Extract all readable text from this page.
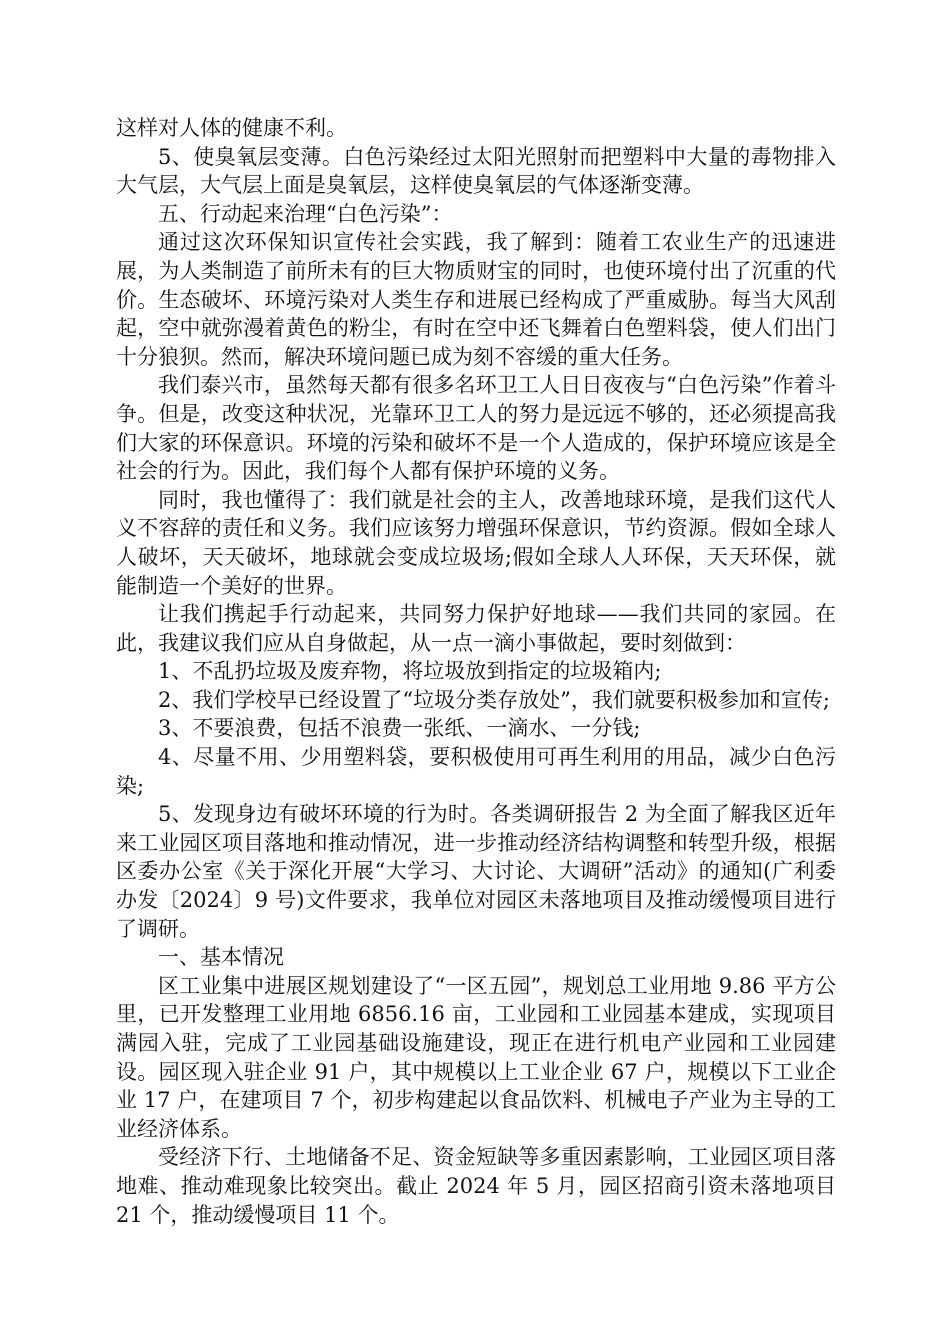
这样对人体的健康不利。

5、使臭氧层变薄。白色污染经过太阳光照射而把塑料中大量的毒物排入大气层，大气层上面是臭氧层，这样使臭氧层的气体逐渐变薄。

五、行动起来治理“白色污染”：

通过这次环保知识宣传社会实践，我了解到：随着工农业生产的迅速进展，为人类制造了前所未有的巨大物质财宝的同时，也使环境付出了沉重的代价。生态破坏、环境污染对人类生存和进展已经构成了严重威胁。每当大风刮起，空中就弥漫着黄色的粉尘，有时在空中还飞舞着白色塑料袋，使人们出门十分狼狈。然而，解决环境问题已成为刻不容缓的重大任务。

我们泰兴市，虽然每天都有很多名环卫工人日日夜夜与“白色污染”作着斗争。但是，改变这种状况，光靠环卫工人的努力是远远不够的，还必须提高我们大家的环保意识。环境的污染和破坏不是一个人造成的，保护环境应该是全社会的行为。因此，我们每个人都有保护环境的义务。

同时，我也懂得了：我们就是社会的主人，改善地球环境，是我们这代人义不容辞的责任和义务。我们应该努力增强环保意识，节约资源。假如全球人人破坏，天天破坏，地球就会变成垃圾场;假如全球人人环保，天天环保，就能制造一个美好的世界。

让我们携起手行动起来，共同努力保护好地球——我们共同的家园。在此，我建议我们应从自身做起，从一点一滴小事做起，要时刻做到：

1、不乱扔垃圾及废弃物，将垃圾放到指定的垃圾箱内;

2、我们学校早已经设置了“垃圾分类存放处”，我们就要积极参加和宣传;

3、不要浪费，包括不浪费一张纸、一滴水、一分钱;

4、尽量不用、少用塑料袋，要积极使用可再生利用的用品，减少白色污染;

5、发现身边有破坏环境的行为时。各类调研报告 2 为全面了解我区近年来工业园区项目落地和推动情况，进一步推动经济结构调整和转型升级，根据区委办公室《关于深化开展“大学习、大讨论、大调研”活动》的通知(广利委办发〔2024〕9 号)文件要求，我单位对园区未落地项目及推动缓慢项目进行了调研。

一、基本情况

区工业集中进展区规划建设了“一区五园”，规划总工业用地 9.86 平方公里，已开发整理工业用地 6856.16 亩，工业园和工业园基本建成，实现项目满园入驻，完成了工业园基础设施建设，现正在进行机电产业园和工业园建设。园区现入驻企业 91 户，其中规模以上工业企业 67 户，规模以下工业企业 17 户，在建项目 7 个，初步构建起以食品饮料、机械电子产业为主导的工业经济体系。

受经济下行、土地储备不足、资金短缺等多重因素影响，工业园区项目落地难、推动难现象比较突出。截止 2024 年 5 月，园区招商引资未落地项目 21 个，推动缓慢项目 11 个。
